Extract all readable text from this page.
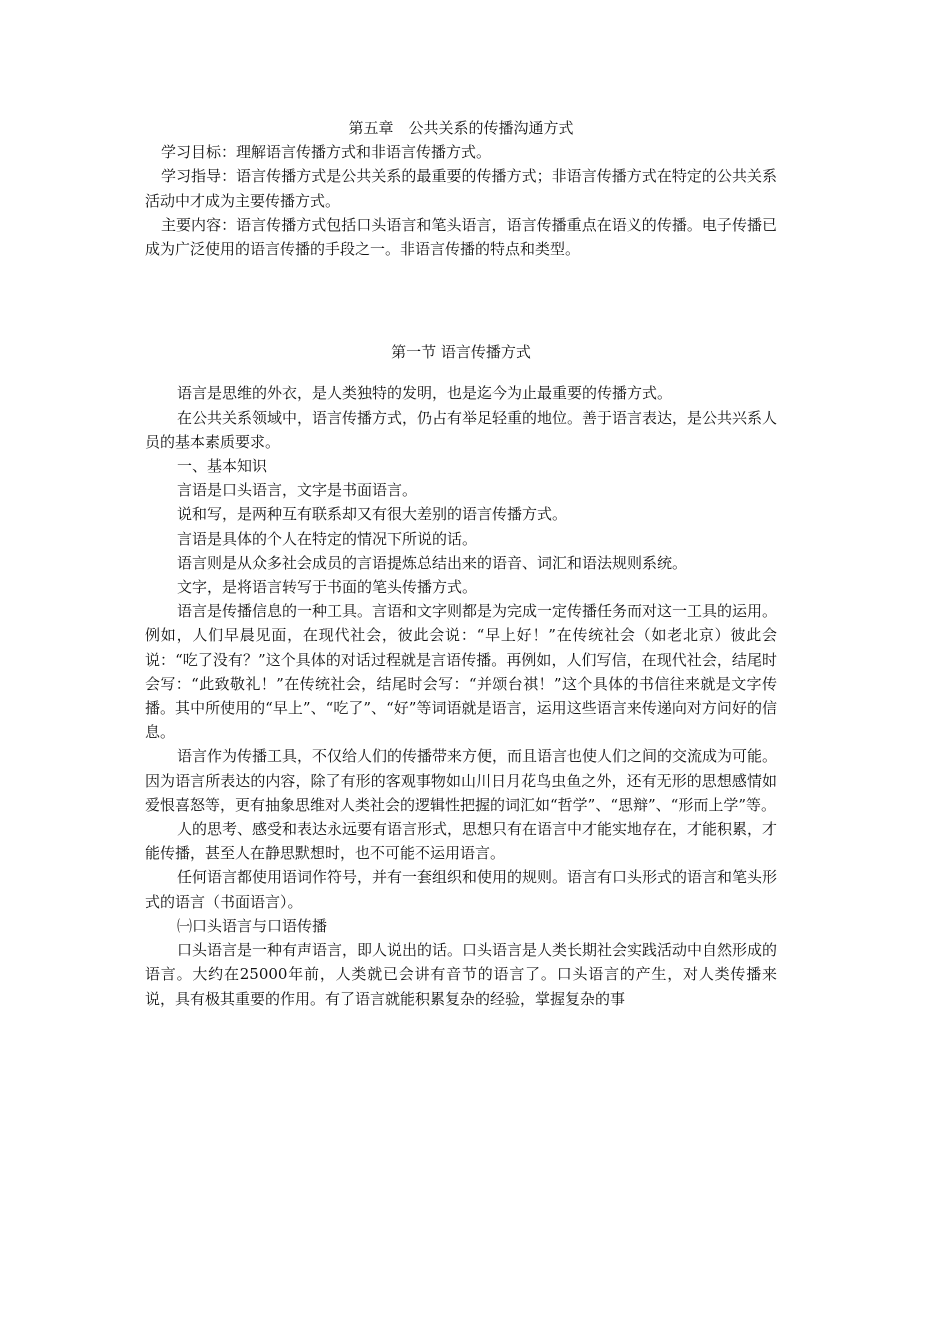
第五章　公共关系的传播沟通方式

学习目标：理解语言传播方式和非语言传播方式。

学习指导：语言传播方式是公共关系的最重要的传播方式；非语言传播方式在特定的公共关系活动中才成为主要传播方式。

主要内容：语言传播方式包括口头语言和笔头语言，语言传播重点在语义的传播。电子传播已成为广泛使用的语言传播的手段之一。非语言传播的特点和类型。

第一节 语言传播方式

语言是思维的外衣，是人类独特的发明，也是迄今为止最重要的传播方式。

在公共关系领域中，语言传播方式，仍占有举足轻重的地位。善于语言表达，是公共兴系人员的基本素质要求。

一、基本知识

言语是口头语言，文字是书面语言。

说和写，是两种互有联系却又有很大差别的语言传播方式。

言语是具体的个人在特定的情况下所说的话。

语言则是从众多社会成员的言语提炼总结出来的语音、词汇和语法规则系统。

文字，是将语言转写于书面的笔头传播方式。

语言是传播信息的一种工具。言语和文字则都是为完成一定传播任务而对这一工具的运用。例如，人们早晨见面，在现代社会，彼此会说：“早上好！”在传统社会（如老北京）彼此会说：“吃了没有？”这个具体的对话过程就是言语传播。再例如，人们写信，在现代社会，结尾时会写：“此致敬礼！”在传统社会，结尾时会写：“并颂台祺！”这个具体的书信往来就是文字传播。其中所使用的“早上”、“吃了”、“好”等词语就是语言，运用这些语言来传递向对方问好的信息。

语言作为传播工具，不仅给人们的传播带来方便，而且语言也使人们之间的交流成为可能。因为语言所表达的内容，除了有形的客观事物如山川日月花鸟虫鱼之外，还有无形的思想感情如爱恨喜怒等，更有抽象思维对人类社会的逻辑性把握的词汇如“哲学”、“思辩”、“形而上学”等。

人的思考、感受和表达永远要有语言形式，思想只有在语言中才能实地存在，才能积累，才能传播，甚至人在静思默想时，也不可能不运用语言。

任何语言都使用语词作符号，并有一套组织和使用的规则。语言有口头形式的语言和笔头形式的语言（书面语言）。

㈠口头语言与口语传播

口头语言是一种有声语言，即人说出的话。口头语言是人类长期社会实践活动中自然形成的语言。大约在25000年前，人类就已会讲有音节的语言了。口头语言的产生，对人类传播来说，具有极其重要的作用。有了语言就能积累复杂的经验，掌握复杂的事
